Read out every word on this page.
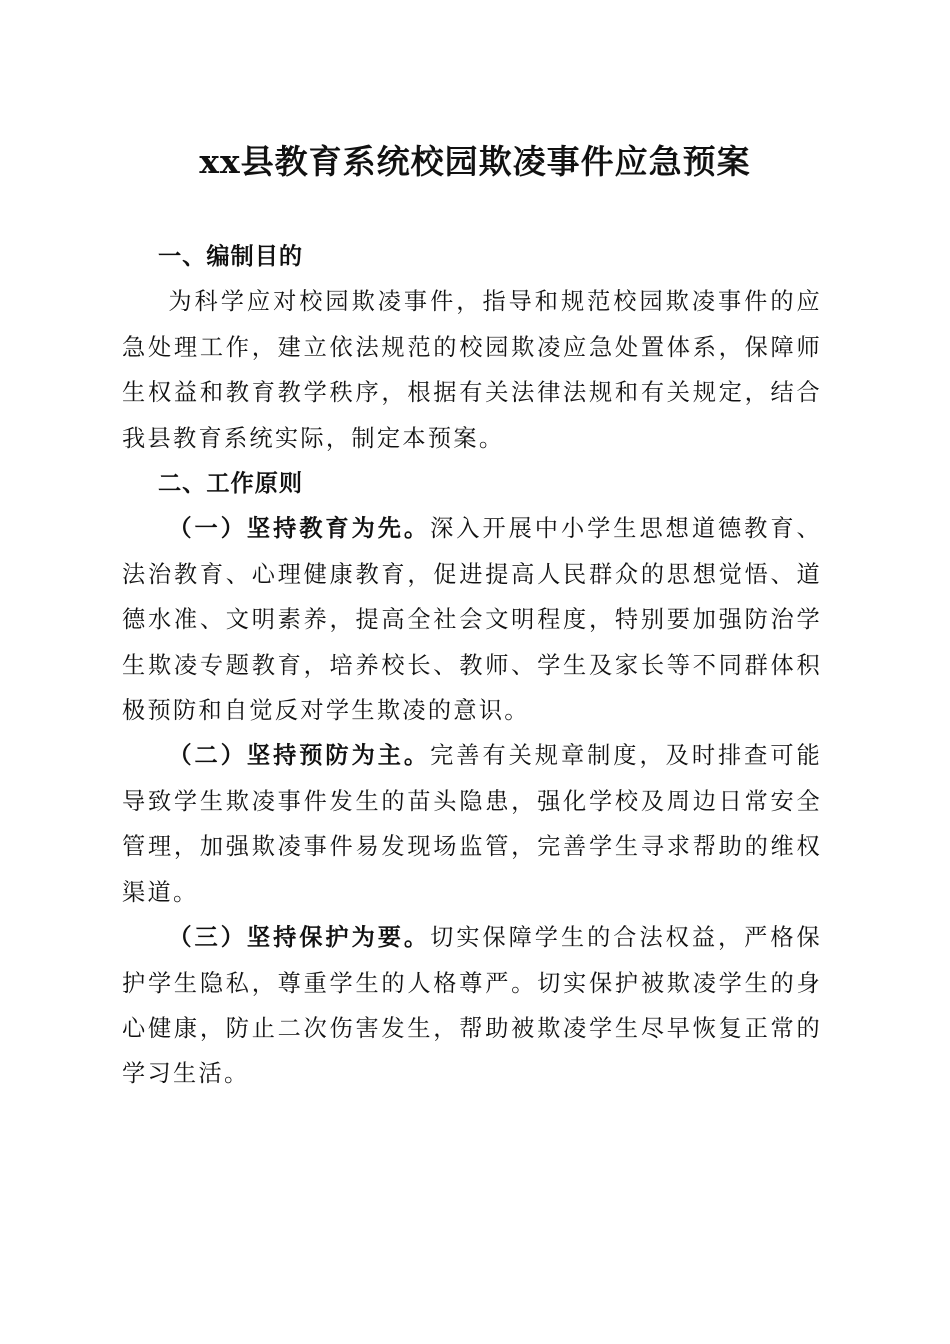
xx县教育系统校园欺凌事件应急预案

一、编制目的

为科学应对校园欺凌事件，指导和规范校园欺凌事件的应急处理工作，建立依法规范的校园欺凌应急处置体系，保障师生权益和教育教学秩序，根据有关法律法规和有关规定，结合我县教育系统实际，制定本预案。

二、工作原则

（一）坚持教育为先。深入开展中小学生思想道德教育、法治教育、心理健康教育，促进提高人民群众的思想觉悟、道德水准、文明素养，提高全社会文明程度，特别要加强防治学生欺凌专题教育，培养校长、教师、学生及家长等不同群体积极预防和自觉反对学生欺凌的意识。

（二）坚持预防为主。完善有关规章制度，及时排查可能导致学生欺凌事件发生的苗头隐患，强化学校及周边日常安全管理，加强欺凌事件易发现场监管，完善学生寻求帮助的维权渠道。

（三）坚持保护为要。切实保障学生的合法权益，严格保护学生隐私，尊重学生的人格尊严。切实保护被欺凌学生的身心健康，防止二次伤害发生，帮助被欺凌学生尽早恢复正常的学习生活。
